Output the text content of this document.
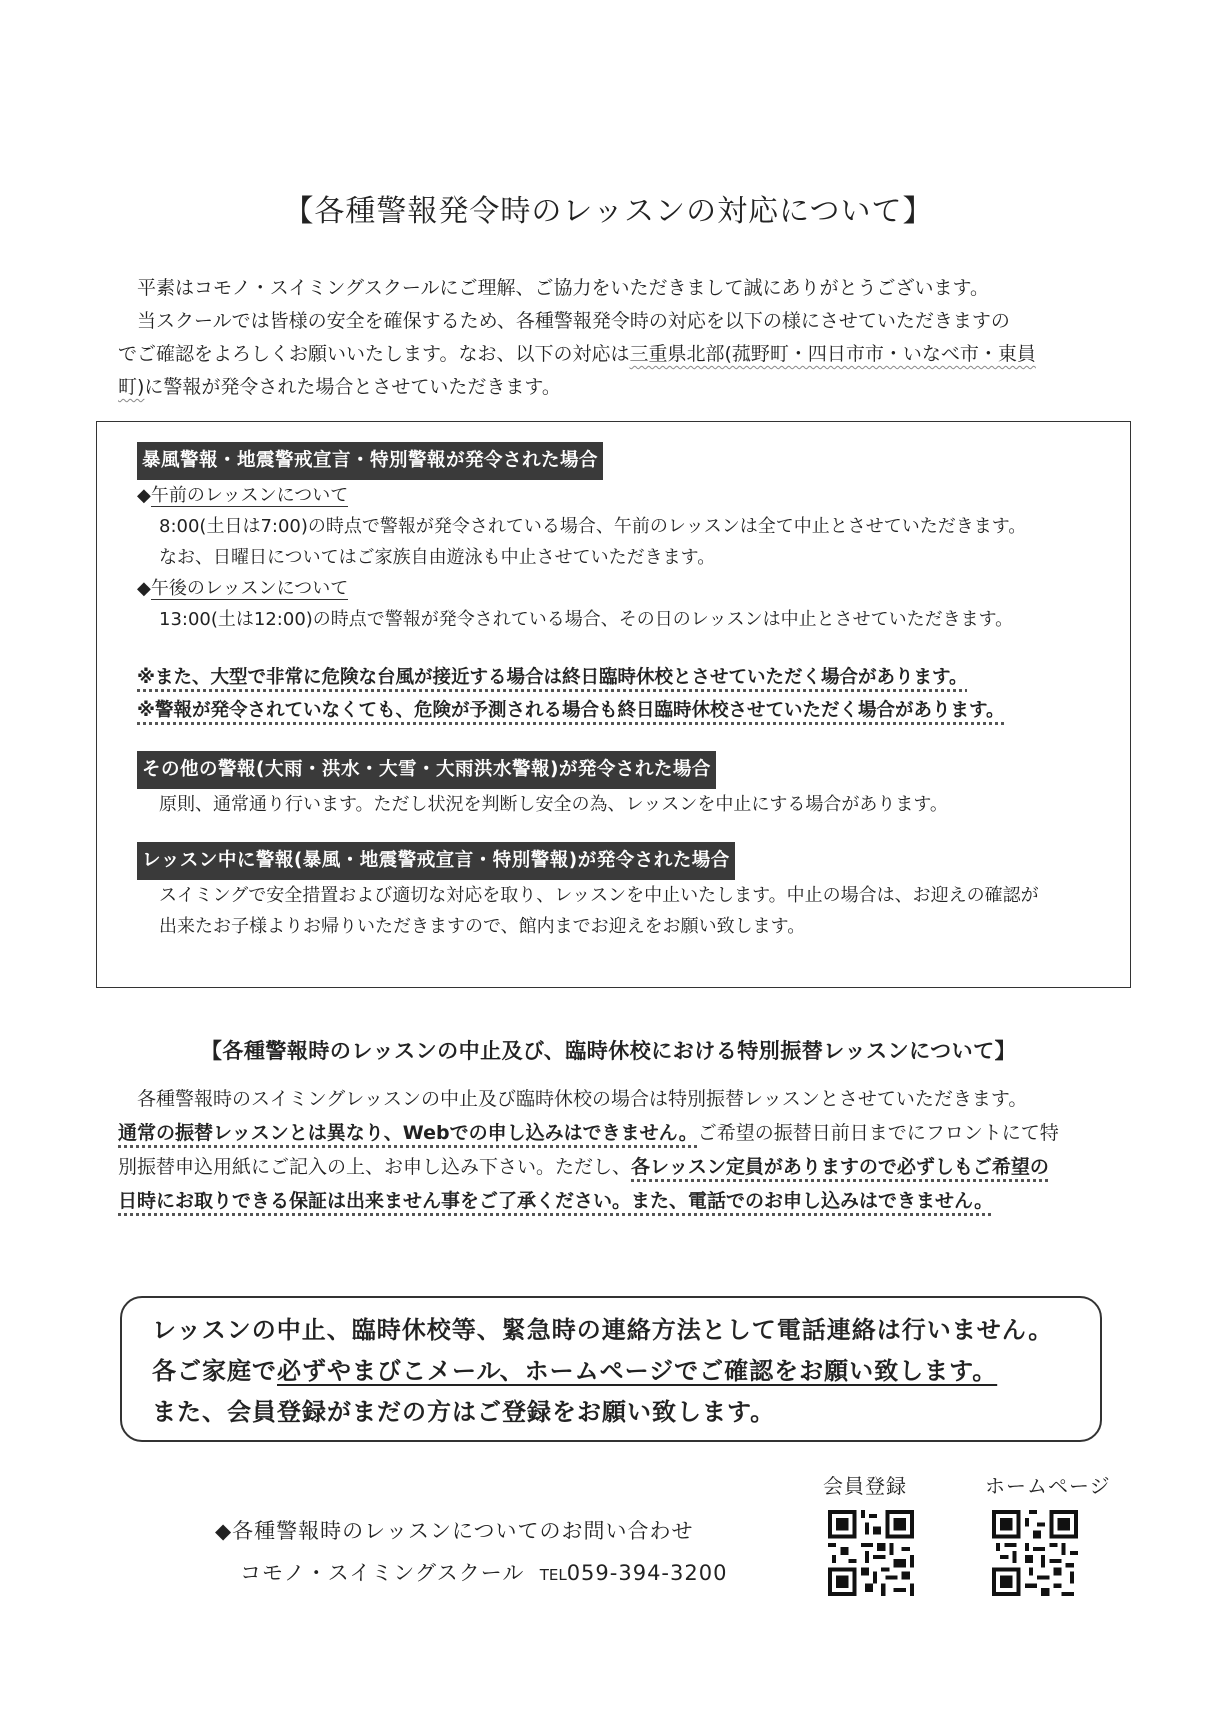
【各種警報発令時のレッスンの対応について】

平素はコモノ・スイミングスクールにご理解、ご協力をいただきまして誠にありがとうございます。

当スクールでは皆様の安全を確保するため、各種警報発令時の対応を以下の様にさせていただきますの

でご確認をよろしくお願いいたします。なお、以下の対応は三重県北部(菰野町・四日市市・いなべ市・東員
町)に警報が発令された場合とさせていただきます。
暴風警報・地震警戒宣言・特別警報が発令された場合
◆午前のレッスンについて
8:00(土日は7:00)の時点で警報が発令されている場合、午前のレッスンは全て中止とさせていただきます。
なお、日曜日についてはご家族自由遊泳も中止させていただきます。
◆午後のレッスンについて
13:00(土は12:00)の時点で警報が発令されている場合、その日のレッスンは中止とさせていただきます。
※また、大型で非常に危険な台風が接近する場合は終日臨時休校とさせていただく場合があります。
※警報が発令されていなくても、危険が予測される場合も終日臨時休校させていただく場合があります。
その他の警報(大雨・洪水・大雪・大雨洪水警報)が発令された場合
原則、通常通り行います。ただし状況を判断し安全の為、レッスンを中止にする場合があります。
レッスン中に警報(暴風・地震警戒宣言・特別警報)が発令された場合
スイミングで安全措置および適切な対応を取り、レッスンを中止いたします。中止の場合は、お迎えの確認が
出来たお子様よりお帰りいただきますので、館内までお迎えをお願い致します。
【各種警報時のレッスンの中止及び、臨時休校における特別振替レッスンについて】

各種警報時のスイミングレッスンの中止及び臨時休校の場合は特別振替レッスンとさせていただきます。

通常の振替レッスンとは異なり、Webでの申し込みはできません。ご希望の振替日前日までにフロントにて特
別振替申込用紙にご記入の上、お申し込み下さい。ただし、各レッスン定員がありますので必ずしもご希望の
日時にお取りできる保証は出来ません事をご了承ください。また、電話でのお申し込みはできません。
レッスンの中止、臨時休校等、緊急時の連絡方法として電話連絡は行いません。
各ご家庭で必ずやまびこメール、ホームページでご確認をお願い致します。
また、会員登録がまだの方はご登録をお願い致します。
◆各種警報時のレッスンについてのお問い合わせ
コモノ・スイミングスクール TEL059-394-3200
会員登録	ホームページ
